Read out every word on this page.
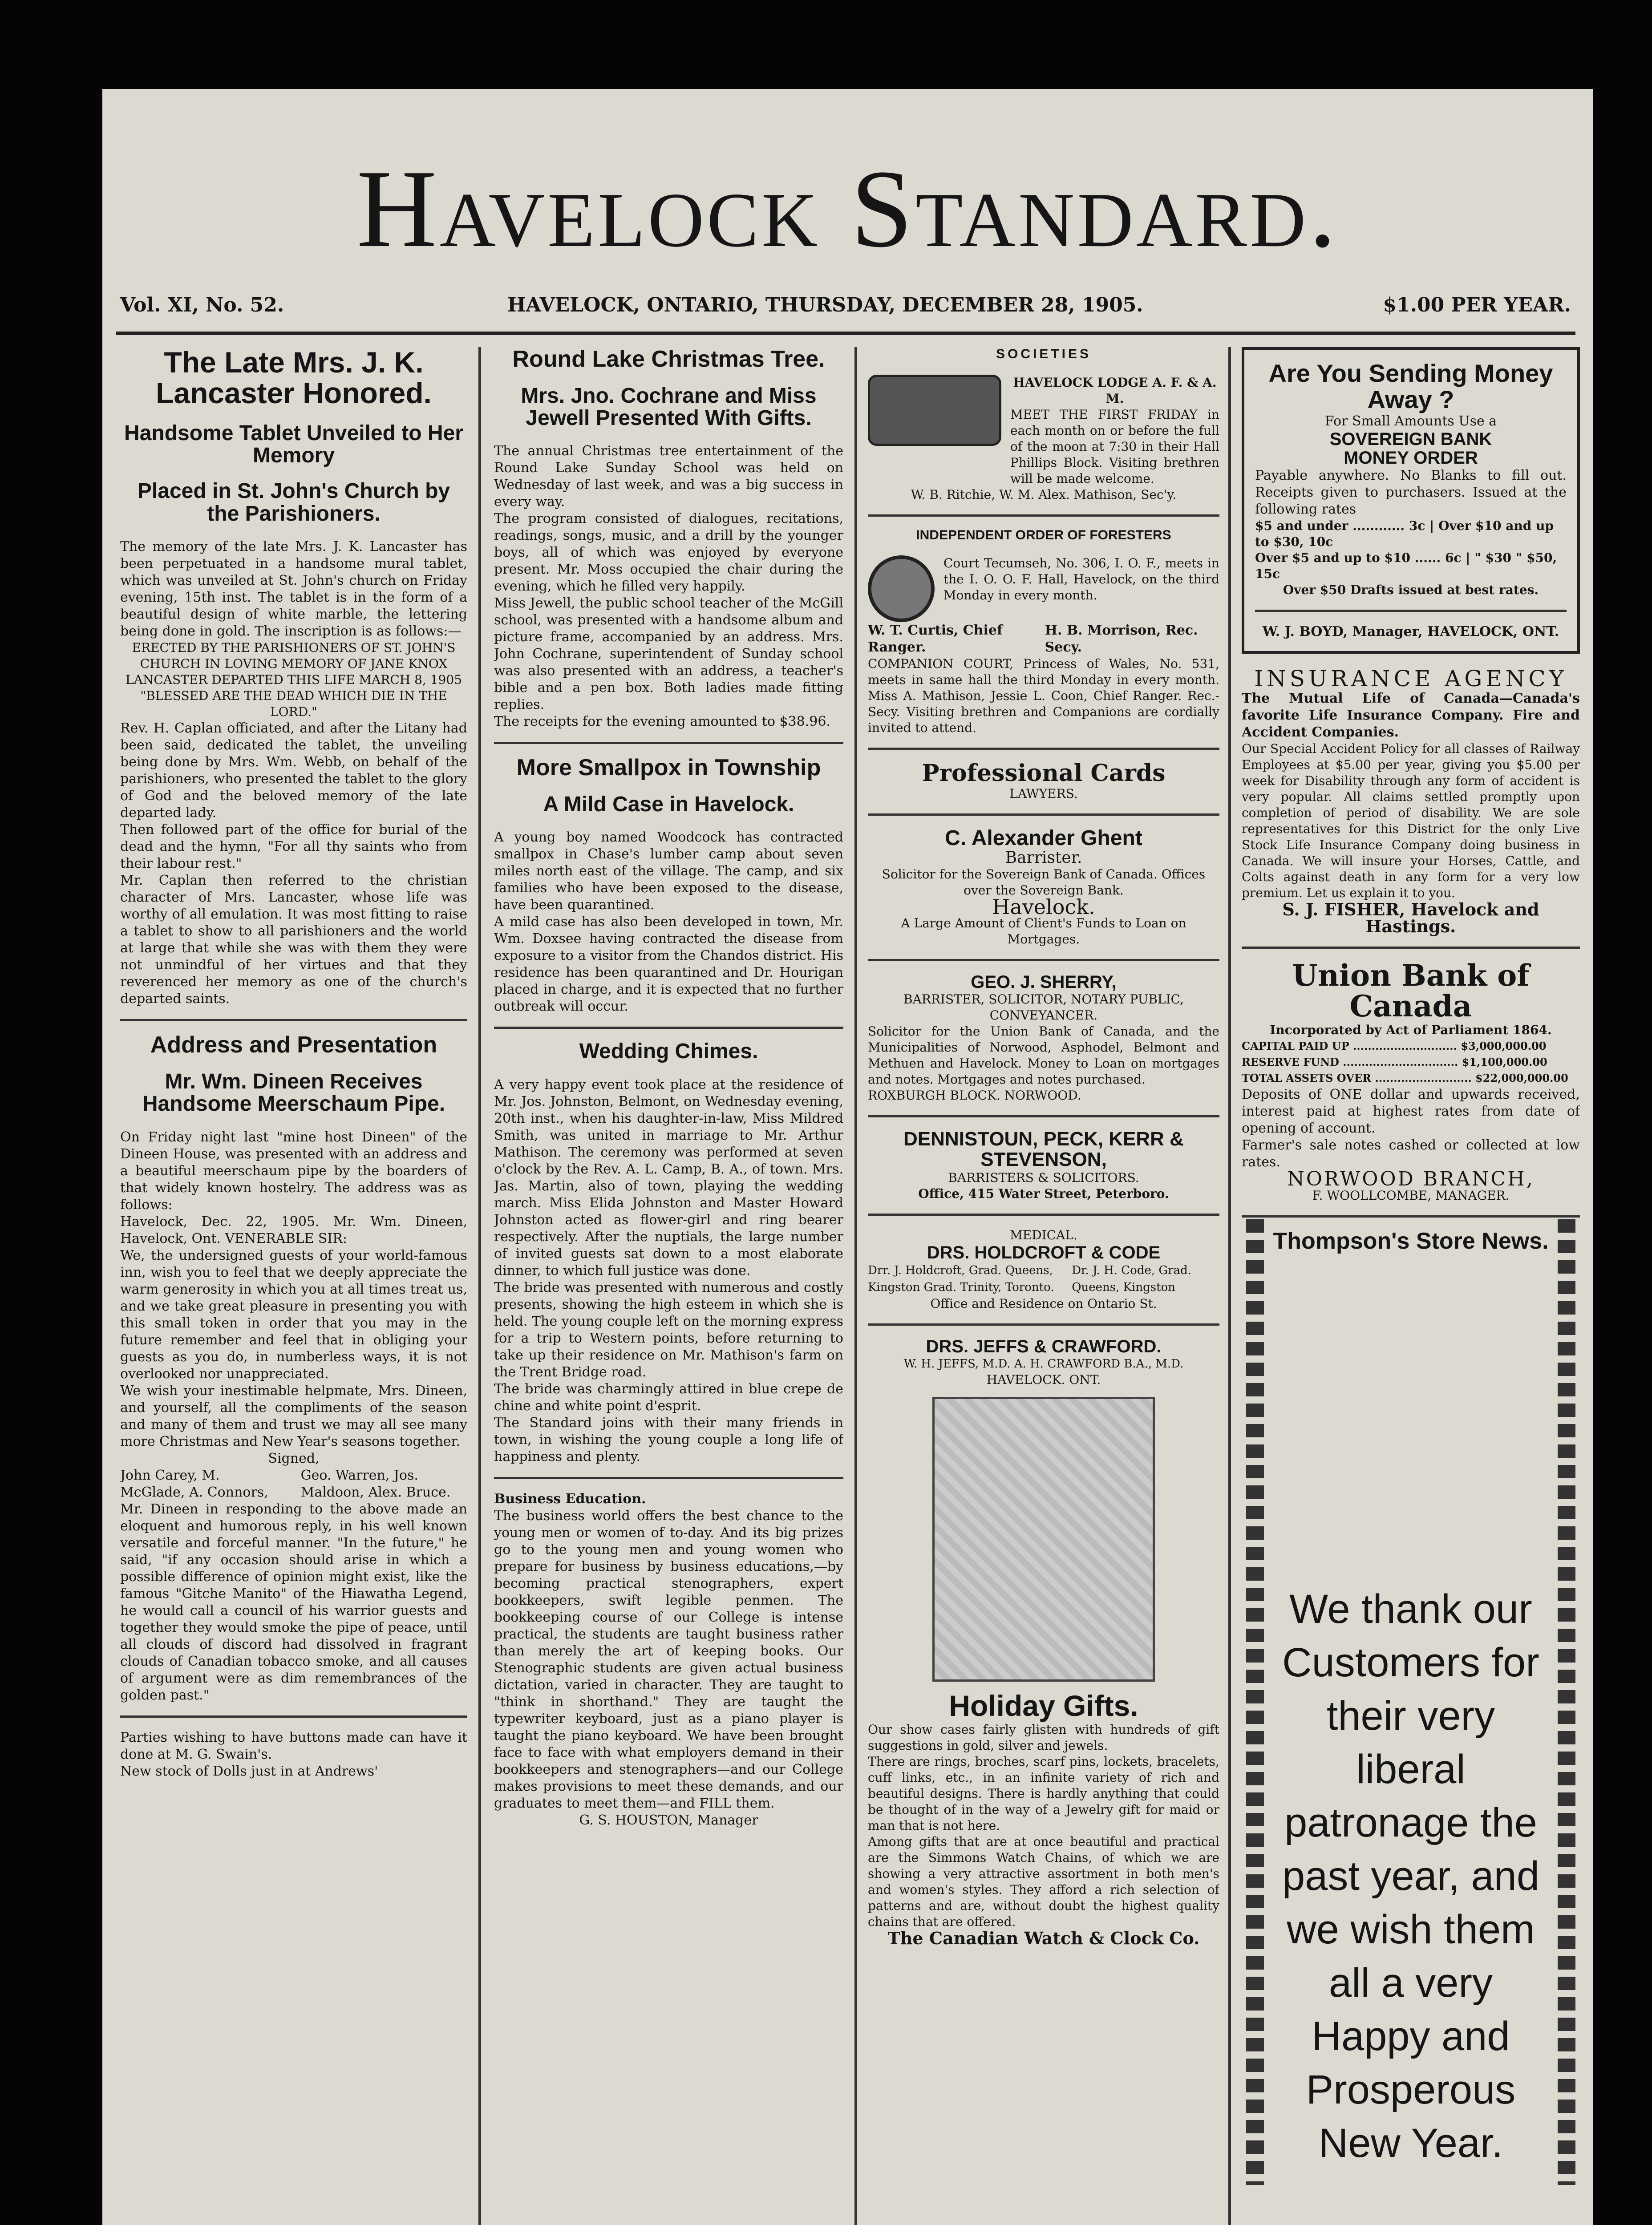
Havelock Standard.
Vol. XI, No. 52.	HAVELOCK, ONTARIO, THURSDAY, DECEMBER 28, 1905.	$1.00 PER YEAR.
The Late Mrs. J. K. Lancaster Honored.
Handsome Tablet Unveiled to Her Memory
Placed in St. John's Church by the Parishioners.

The memory of the late Mrs. J. K. Lancaster has been perpetuated in a handsome mural tablet, which was unveiled at St. John's church on Friday evening, 15th inst. The tablet is in the form of a beautiful design of white marble, the lettering being done in gold. The inscription is as follows:—

ERECTED BY THE PARISHIONERS OF ST. JOHN'S CHURCH IN LOVING MEMORY OF JANE KNOX LANCASTER DEPARTED THIS LIFE MARCH 8, 1905

"BLESSED ARE THE DEAD WHICH DIE IN THE LORD."

Rev. H. Caplan officiated, and after the Litany had been said, dedicated the tablet, the unveiling being done by Mrs. Wm. Webb, on behalf of the parishioners, who presented the tablet to the glory of God and the beloved memory of the late departed lady.

Then followed part of the office for burial of the dead and the hymn, "For all thy saints who from their labour rest."

Mr. Caplan then referred to the christian character of Mrs. Lancaster, whose life was worthy of all emulation. It was most fitting to raise a tablet to show to all parishioners and the world at large that while she was with them they were not unmindful of her virtues and that they reverenced her memory as one of the church's departed saints.

Address and Presentation
Mr. Wm. Dineen Receives Handsome Meerschaum Pipe.

On Friday night last "mine host Dineen" of the Dineen House, was presented with an address and a beautiful meerschaum pipe by the boarders of that widely known hostelry. The address was as follows:

Havelock, Dec. 22, 1905. Mr. Wm. Dineen, Havelock, Ont. VENERABLE SIR:

We, the undersigned guests of your world-famous inn, wish you to feel that we deeply appreciate the warm generosity in which you at all times treat us, and we take great pleasure in presenting you with this small token in order that you may in the future remember and feel that in obliging your guests as you do, in numberless ways, it is not overlooked nor unappreciated.

We wish your inestimable helpmate, Mrs. Dineen, and yourself, all the compliments of the season and many of them and trust we may all see many more Christmas and New Year's seasons together.

Signed,

John Carey, M. McGlade, A. Connors,
Geo. Warren, Jos. Maldoon, Alex. Bruce.

Mr. Dineen in responding to the above made an eloquent and humorous reply, in his well known versatile and forceful manner. "In the future," he said, "if any occasion should arise in which a possible difference of opinion might exist, like the famous "Gitche Manito" of the Hiawatha Legend, he would call a council of his warrior guests and together they would smoke the pipe of peace, until all clouds of discord had dissolved in fragrant clouds of Canadian tobacco smoke, and all causes of argument were as dim remembrances of the golden past."

Parties wishing to have buttons made can have it done at M. G. Swain's.

New stock of Dolls just in at Andrews'

Round Lake Christmas Tree.
Mrs. Jno. Cochrane and Miss Jewell Presented With Gifts.

The annual Christmas tree entertainment of the Round Lake Sunday School was held on Wednesday of last week, and was a big success in every way.

The program consisted of dialogues, recitations, readings, songs, music, and a drill by the younger boys, all of which was enjoyed by everyone present. Mr. Moss occupied the chair during the evening, which he filled very happily.

Miss Jewell, the public school teacher of the McGill school, was presented with a handsome album and picture frame, accompanied by an address. Mrs. John Cochrane, superintendent of Sunday school was also presented with an address, a teacher's bible and a pen box. Both ladies made fitting replies.

The receipts for the evening amounted to $38.96.

More Smallpox in Township
A Mild Case in Havelock.

A young boy named Woodcock has contracted smallpox in Chase's lumber camp about seven miles north east of the village. The camp, and six families who have been exposed to the disease, have been quarantined.

A mild case has also been developed in town, Mr. Wm. Doxsee having contracted the disease from exposure to a visitor from the Chandos district. His residence has been quarantined and Dr. Hourigan placed in charge, and it is expected that no further outbreak will occur.

Wedding Chimes.

A very happy event took place at the residence of Mr. Jos. Johnston, Belmont, on Wednesday evening, 20th inst., when his daughter-in-law, Miss Mildred Smith, was united in marriage to Mr. Arthur Mathison. The ceremony was performed at seven o'clock by the Rev. A. L. Camp, B. A., of town. Mrs. Jas. Martin, also of town, playing the wedding march. Miss Elida Johnston and Master Howard Johnston acted as flower-girl and ring bearer respectively. After the nuptials, the large number of invited guests sat down to a most elaborate dinner, to which full justice was done.

The bride was presented with numerous and costly presents, showing the high esteem in which she is held. The young couple left on the morning express for a trip to Western points, before returning to take up their residence on Mr. Mathison's farm on the Trent Bridge road.

The bride was charmingly attired in blue crepe de chine and white point d'esprit.

The Standard joins with their many friends in town, in wishing the young couple a long life of happiness and plenty.

Business Education.

The business world offers the best chance to the young men or women of to-day. And its big prizes go to the young men and young women who prepare for business by business educations,—by becoming practical stenographers, expert bookkeepers, swift legible penmen. The bookkeeping course of our College is intense practical, the students are taught business rather than merely the art of keeping books. Our Stenographic students are given actual business dictation, varied in character. They are taught to "think in shorthand." They are taught the typewriter keyboard, just as a piano player is taught the piano keyboard. We have been brought face to face with what employers demand in their bookkeepers and stenographers—and our College makes provisions to meet these demands, and our graduates to meet them—and FILL them.

G. S. HOUSTON, Manager

SOCIETIES

HAVELOCK LODGE A. F. & A. M.

MEET THE FIRST FRIDAY in each month on or before the full of the moon at 7:30 in their Hall Phillips Block. Visiting brethren will be made welcome.

W. B. Ritchie, W. M. Alex. Mathison, Sec'y.

INDEPENDENT ORDER OF FORESTERS

Court Tecumseh, No. 306, I. O. F., meets in the I. O. O. F. Hall, Havelock, on the third Monday in every month.

W. T. Curtis, Chief Ranger.
H. B. Morrison, Rec. Secy.

COMPANION COURT, Princess of Wales, No. 531, meets in same hall the third Monday in every month. Miss A. Mathison, Jessie L. Coon, Chief Ranger. Rec.-Secy. Visiting brethren and Companions are cordially invited to attend.

Professional Cards

LAWYERS.

C. Alexander Ghent

Barrister.

Solicitor for the Sovereign Bank of Canada. Offices over the Sovereign Bank.

Havelock.

A Large Amount of Client's Funds to Loan on Mortgages.

GEO. J. SHERRY,

BARRISTER, SOLICITOR, NOTARY PUBLIC, CONVEYANCER.

Solicitor for the Union Bank of Canada, and the Municipalities of Norwood, Asphodel, Belmont and Methuen and Havelock. Money to Loan on mortgages and notes. Mortgages and notes purchased.

ROXBURGH BLOCK. NORWOOD.

DENNISTOUN, PECK, KERR & STEVENSON,

BARRISTERS & SOLICITORS.

Office, 415 Water Street, Peterboro.

MEDICAL.

DRS. HOLDCROFT & CODE
Drr. J. Holdcroft, Grad. Queens, Kingston Grad. Trinity, Toronto.
Dr. J. H. Code, Grad. Queens, Kingston

Office and Residence on Ontario St.

DRS. JEFFS & CRAWFORD.

W. H. JEFFS, M.D. A. H. CRAWFORD B.A., M.D.

HAVELOCK. ONT.

Holiday Gifts.

Our show cases fairly glisten with hundreds of gift suggestions in gold, silver and jewels.

There are rings, broches, scarf pins, lockets, bracelets, cuff links, etc., in an infinite variety of rich and beautiful designs. There is hardly anything that could be thought of in the way of a Jewelry gift for maid or man that is not here.

Among gifts that are at once beautiful and practical are the Simmons Watch Chains, of which we are showing a very attractive assortment in both men's and women's styles. They afford a rich selection of patterns and are, without doubt the highest quality chains that are offered.

The Canadian Watch & Clock Co.

Are You Sending Money Away ?

For Small Amounts Use a

SOVEREIGN BANK
MONEY ORDER

Payable anywhere. No Blanks to fill out. Receipts given to purchasers. Issued at the following rates

$5 and under ............ 3c | Over $10 and up to $30, 10c

Over $5 and up to $10 ...... 6c | " $30 " $50, 15c

Over $50 Drafts issued at best rates.

W. J. BOYD, Manager, HAVELOCK, ONT.

INSURANCE AGENCY

The Mutual Life of Canada—Canada's favorite Life Insurance Company. Fire and Accident Companies.

Our Special Accident Policy for all classes of Railway Employees at $5.00 per year, giving you $5.00 per week for Disability through any form of accident is very popular. All claims settled promptly upon completion of period of disability. We are sole representatives for this District for the only Live Stock Life Insurance Company doing business in Canada. We will insure your Horses, Cattle, and Colts against death in any form for a very low premium. Let us explain it to you.

S. J. FISHER, Havelock and Hastings.

Union Bank of Canada

Incorporated by Act of Parliament 1864.

CAPITAL PAID UP ............................ $3,000,000.00

RESERVE FUND ............................... $1,100,000.00

TOTAL ASSETS OVER .......................... $22,000,000.00

Deposits of ONE dollar and upwards received, interest paid at highest rates from date of opening of account.

Farmer's sale notes cashed or collected at low rates.

NORWOOD BRANCH,

F. WOOLLCOMBE, MANAGER.

Thompson's Store News.

We thank our Customers for their very liberal patronage the past year, and we wish them all a very Happy and Prosperous New Year.
